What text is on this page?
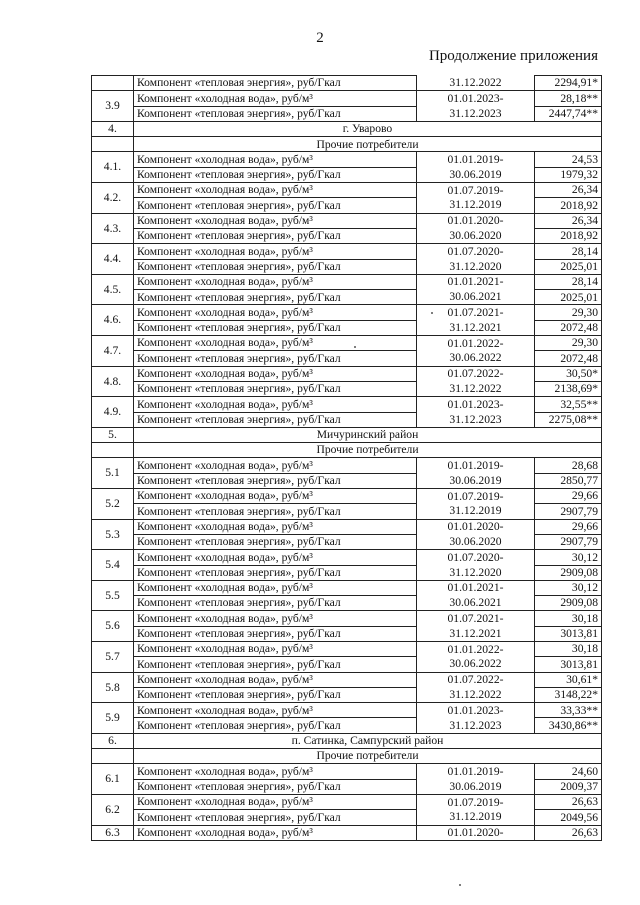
2
Продолжение приложения
	Компонент «тепловая энергия», руб/Гкал	31.12.2022	2294,91*
3.9	Компонент «холодная вода», руб/м³	01.01.2023-	28,18**
	Компонент «тепловая энергия», руб/Гкал	31.12.2023	2447,74**
4.	г. Уварово		
	Прочие потребители		
4.1.	Компонент «холодная вода», руб/м³	01.01.2019-	24,53
	Компонент «тепловая энергия», руб/Гкал	30.06.2019	1979,32
4.2.	Компонент «холодная вода», руб/м³	01.07.2019-	26,34
	Компонент «тепловая энергия», руб/Гкал	31.12.2019	2018,92
4.3.	Компонент «холодная вода», руб/м³	01.01.2020-	26,34
	Компонент «тепловая энергия», руб/Гкал	30.06.2020	2018,92
4.4.	Компонент «холодная вода», руб/м³	01.07.2020-	28,14
	Компонент «тепловая энергия», руб/Гкал	31.12.2020	2025,01
4.5.	Компонент «холодная вода», руб/м³	01.01.2021-	28,14
	Компонент «тепловая энергия», руб/Гкал	30.06.2021	2025,01
4.6.	Компонент «холодная вода», руб/м³	01.07.2021-	29,30
	Компонент «тепловая энергия», руб/Гкал	31.12.2021	2072,48
4.7.	Компонент «холодная вода», руб/м³	01.01.2022-	29,30
	Компонент «тепловая энергия», руб/Гкал	30.06.2022	2072,48
4.8.	Компонент «холодная вода», руб/м³	01.07.2022-	30,50*
	Компонент «тепловая энергия», руб/Гкал	31.12.2022	2138,69*
4.9.	Компонент «холодная вода», руб/м³	01.01.2023-	32,55**
	Компонент «тепловая энергия», руб/Гкал	31.12.2023	2275,08**
5.	Мичуринский район		
	Прочие потребители		
5.1	Компонент «холодная вода», руб/м³	01.01.2019-	28,68
	Компонент «тепловая энергия», руб/Гкал	30.06.2019	2850,77
5.2	Компонент «холодная вода», руб/м³	01.07.2019-	29,66
	Компонент «тепловая энергия», руб/Гкал	31.12.2019	2907,79
5.3	Компонент «холодная вода», руб/м³	01.01.2020-	29,66
	Компонент «тепловая энергия», руб/Гкал	30.06.2020	2907,79
5.4	Компонент «холодная вода», руб/м³	01.07.2020-	30,12
	Компонент «тепловая энергия», руб/Гкал	31.12.2020	2909,08
5.5	Компонент «холодная вода», руб/м³	01.01.2021-	30,12
	Компонент «тепловая энергия», руб/Гкал	30.06.2021	2909,08
5.6	Компонент «холодная вода», руб/м³	01.07.2021-	30,18
	Компонент «тепловая энергия», руб/Гкал	31.12.2021	3013,81
5.7	Компонент «холодная вода», руб/м³	01.01.2022-	30,18
	Компонент «тепловая энергия», руб/Гкал	30.06.2022	3013,81
5.8	Компонент «холодная вода», руб/м³	01.07.2022-	30,61*
	Компонент «тепловая энергия», руб/Гкал	31.12.2022	3148,22*
5.9	Компонент «холодная вода», руб/м³	01.01.2023-	33,33**
	Компонент «тепловая энергия», руб/Гкал	31.12.2023	3430,86**
6.	п. Сатинка, Сампурский район		
	Прочие потребители		
6.1	Компонент «холодная вода», руб/м³	01.01.2019-	24,60
	Компонент «тепловая энергия», руб/Гкал	30.06.2019	2009,37
6.2	Компонент «холодная вода», руб/м³	01.07.2019-	26,63
	Компонент «тепловая энергия», руб/Гкал	31.12.2019	2049,56
6.3	Компонент «холодная вода», руб/м³	01.01.2020-	26,63
